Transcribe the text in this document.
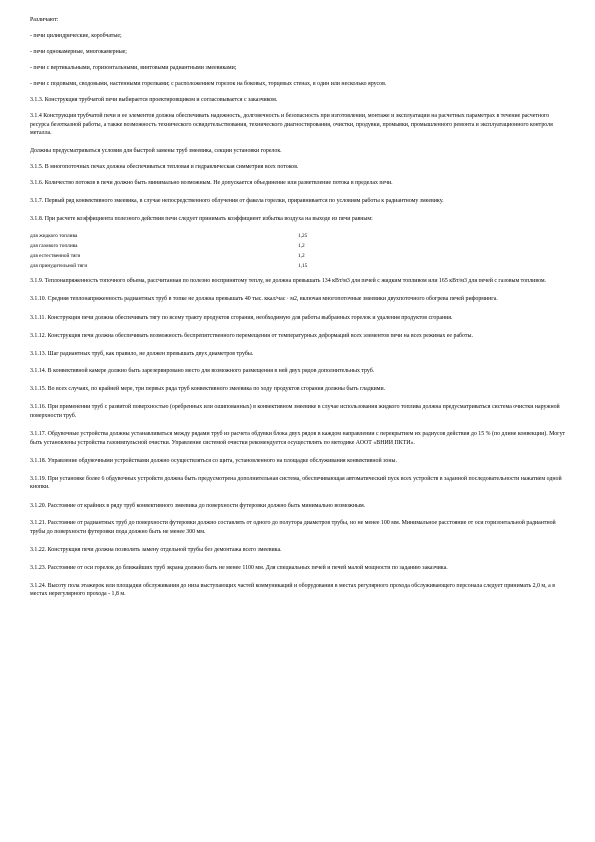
Различают:

- печи цилиндрические, коробчатые;

- печи однокамерные, многокамерные;

- печи с вертикальными, горизонтальными, винтовыми радиантными змеевиками;

- печи с подовыми, сводовыми, настенными горелками; с расположением горелок на боковых, торцевых стенах, в один или несколько ярусов.

3.1.3. Конструкция трубчатой печи выбирается проектировщиком и согласовывается с заказчиком.

3.1.4 Конструкция трубчатой печи и ее элементов должна обеспечивать надежность, долговечность и безопасность при изготовлении, монтаже и эксплуатации на расчетных параметрах в течение расчетного ресурса безотказной работы, а также возможность технического освидетельствования, технического диагностирования, очистки, продувки, промывки, промышленного ремонта и эксплуатационного контроля металла.

Должны предусматриваться условия для быстрой замены труб змеевика, секции установки горелок.

3.1.5. В многопоточных печах должна обеспечиваться тепловая и гидравлическая симметрия всех потоков.

3.1.6. Количество потоков в печи должно быть минимально возможным. Не допускается объединение или разветвление потока в пределах печи.

3.1.7. Первый ряд конвективного змеевика, в случае непосредственного облучения от факела горелки, приравнивается по условиям работы к радиантному змеевику.

3.1.8. При расчете коэффициента полезного действия печи следует принимать коэффициент избытка воздуха на выходе из печи равным:

для жидкого топлива	1,25
для газового топлива	1,2
для естественной тяги	1,2
для принудительной тяги	1,15

3.1.9. Теплонапряженность топочного объема, рассчитанная по полезно воспринятому теплу, не должна превышать 134 кВт/м3 для печей с жидким топливом или 165 кВт/м3 для печей с газовым топливом.

3.1.10. Средняя теплонапряженность радиантных труб в топке не должна превышать 40 тыс. ккал/час · м2, включая многопоточные змеевики двухпоточного обогрева печей риформинга.

3.1.11. Конструкция печи должна обеспечивать тягу по всему тракту продуктов сгорания, необходимую для работы выбранных горелок и удаления продуктов сгорания.

3.1.12. Конструкция печи должна обеспечивать возможность беспрепятственного перемещения от температурных деформаций всех элементов печи на всех режимах ее работы.

3.1.13. Шаг радиантных труб, как правило, не должен превышать двух диаметров трубы.

3.1.14. В конвективной камере должно быть зарезервировано место для возможного размещения в ней двух рядов дополнительных труб.

3.1.15. Во всех случаях, по крайней мере, три первых ряда труб конвективного змеевика по ходу продуктов сгорания должны быть гладкими.

3.1.16. При применении труб с развитой поверхностью (оребренных или ошипованных) в конвективном змеевике в случае использования жидкого топлива должна предусматриваться система очистки наружной поверхности труб.

3.1.17. Обдувочные устройства должны устанавливаться между рядами труб из расчета обдувки блока двух рядов в каждом направлении с перекрытием их радиусов действия до 15 % (по длине конвекции). Могут быть установлены устройства газоимпульсной очистки. Управление системой очистки рекомендуется осуществлять по методике АООТ «ВНИИ ПКТИ».

3.1.18. Управление обдувочными устройствами должно осуществляться со щита, установленного на площадке обслуживания конвективной зоны.

3.1.19. При установке более 6 обдувочных устройств должна быть предусмотрена дополнительная система, обеспечивающая автоматический пуск всех устройств в заданной последовательности нажатием одной кнопки.

3.1.20. Расстояние от крайних в ряду труб конвективного змеевика до поверхности футеровки должно быть минимально возможным.

3.1.21. Расстояние от радиантных труб до поверхности футеровки должно составлять от одного до полутора диаметров трубы, но не менее 100 мм. Минимальное расстояние от оси горизонтальной радиантной трубы до поверхности футеровки пода должно быть не менее 300 мм.

3.1.22. Конструкция печи должна позволять замену отдельной трубы без демонтажа всего змеевика.

3.1.23. Расстояние от оси горелок до ближайших труб экрана должно быть не менее 1100 мм. Для специальных печей и печей малой мощности по заданию заказчика.

3.1.24. Высоту пола этажерок или площадки обслуживания до низа выступающих частей коммуникаций и оборудования в местах регулярного прохода обслуживающего персонала следует принимать 2,0 м, а в местах нерегулярного прохода - 1,8 м.
